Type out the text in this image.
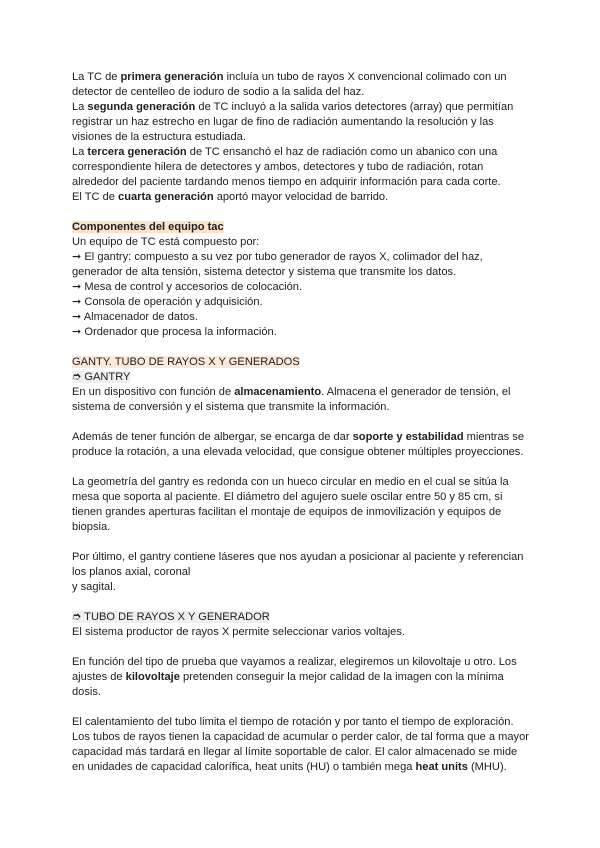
La TC de primera generación incluía un tubo de rayos X convencional colimado con un detector de centelleo de ioduro de sodio a la salida del haz.

La segunda generación de TC incluyó a la salida varios detectores (array) que permitían registrar un haz estrecho en lugar de fino de radiación aumentando la resolución y las visiones de la estructura estudiada.

La tercera generación de TC ensanchó el haz de radiación como un abanico con una correspondiente hilera de detectores y ambos, detectores y tubo de radiación, rotan alrededor del paciente tardando menos tiempo en adquirir información para cada corte.

El TC de cuarta generación aportó mayor velocidad de barrido.

Componentes del equipo tac

Un equipo de TC está compuesto por:

➞ El gantry: compuesto a su vez por tubo generador de rayos X, colimador del haz, generador de alta tensión, sistema detector y sistema que transmite los datos.

➞ Mesa de control y accesorios de colocación.

➞ Consola de operación y adquisición.

➞ Almacenador de datos.

➞ Ordenador que procesa la información.

GANTY. TUBO DE RAYOS X Y GENERADOS

➮ GANTRY

En un dispositivo con función de almacenamiento. Almacena el generador de tensión, el sistema de conversión y el sistema que transmite la información.

Además de tener función de albergar, se encarga de dar soporte y estabilidad mientras se produce la rotación, a una elevada velocidad, que consigue obtener múltiples proyecciones.

La geometría del gantry es redonda con un hueco circular en medio en el cual se sitúa la mesa que soporta al paciente. El diámetro del agujero suele oscilar entre 50 y 85 cm, si tienen grandes aperturas facilitan el montaje de equipos de inmovilización y equipos de biopsia.

Por último, el gantry contiene láseres que nos ayudan a posicionar al paciente y referencian los planos axial, coronal

y sagital.

➮ TUBO DE RAYOS X Y GENERADOR

El sistema productor de rayos X permite seleccionar varios voltajes.

En función del tipo de prueba que vayamos a realizar, elegiremos un kilovoltaje u otro. Los ajustes de kilovoltaje pretenden conseguir la mejor calidad de la imagen con la mínima dosis.

El calentamiento del tubo limita el tiempo de rotación y por tanto el tiempo de exploración. Los tubos de rayos tienen la capacidad de acumular o perder calor, de tal forma que a mayor capacidad más tardará en llegar al límite soportable de calor. El calor almacenado se mide en unidades de capacidad calorífica, heat units (HU) o también mega heat units (MHU).
